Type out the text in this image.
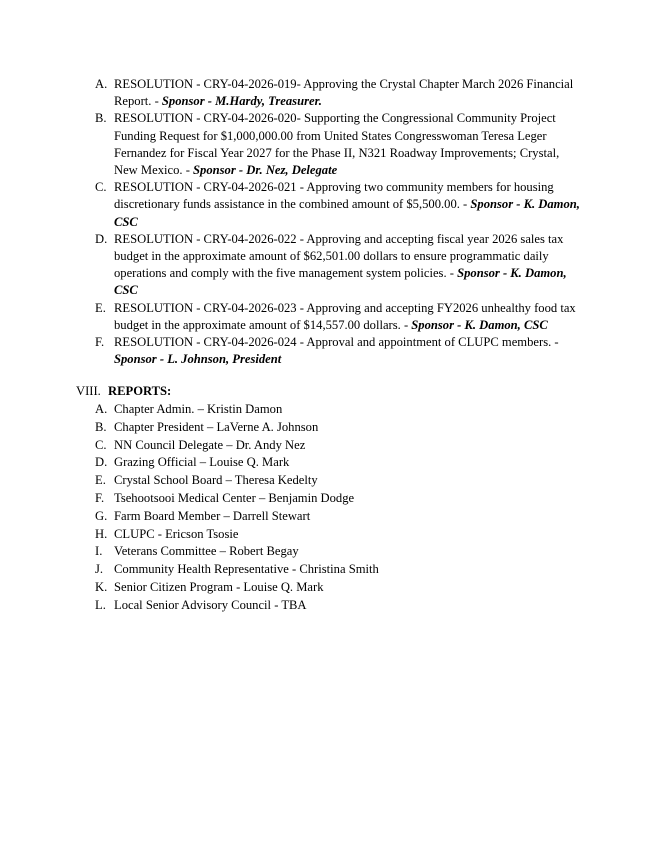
A. RESOLUTION - CRY-04-2026-019- Approving the Crystal Chapter March 2026 Financial Report. - Sponsor - M.Hardy, Treasurer.
B. RESOLUTION - CRY-04-2026-020- Supporting the Congressional Community Project Funding Request for $1,000,000.00 from United States Congresswoman Teresa Leger Fernandez for Fiscal Year 2027 for the Phase II, N321 Roadway Improvements; Crystal, New Mexico. - Sponsor - Dr. Nez, Delegate
C. RESOLUTION - CRY-04-2026-021 - Approving two community members for housing discretionary funds assistance in the combined amount of $5,500.00. - Sponsor - K. Damon, CSC
D. RESOLUTION - CRY-04-2026-022 - Approving and accepting fiscal year 2026 sales tax budget in the approximate amount of $62,501.00 dollars to ensure programmatic daily operations and comply with the five management system policies. - Sponsor - K. Damon, CSC
E. RESOLUTION - CRY-04-2026-023 - Approving and accepting FY2026 unhealthy food tax budget in the approximate amount of $14,557.00 dollars. - Sponsor - K. Damon, CSC
F. RESOLUTION - CRY-04-2026-024 - Approval and appointment of CLUPC members. - Sponsor - L. Johnson, President
VIII. REPORTS:
A. Chapter Admin. – Kristin Damon
B. Chapter President – LaVerne A. Johnson
C. NN Council Delegate – Dr. Andy Nez
D. Grazing Official – Louise Q. Mark
E. Crystal School Board – Theresa Kedelty
F. Tsehootsooi Medical Center – Benjamin Dodge
G. Farm Board Member – Darrell Stewart
H. CLUPC - Ericson Tsosie
I. Veterans Committee – Robert Begay
J. Community Health Representative - Christina Smith
K. Senior Citizen Program - Louise Q. Mark
L. Local Senior Advisory Council - TBA
